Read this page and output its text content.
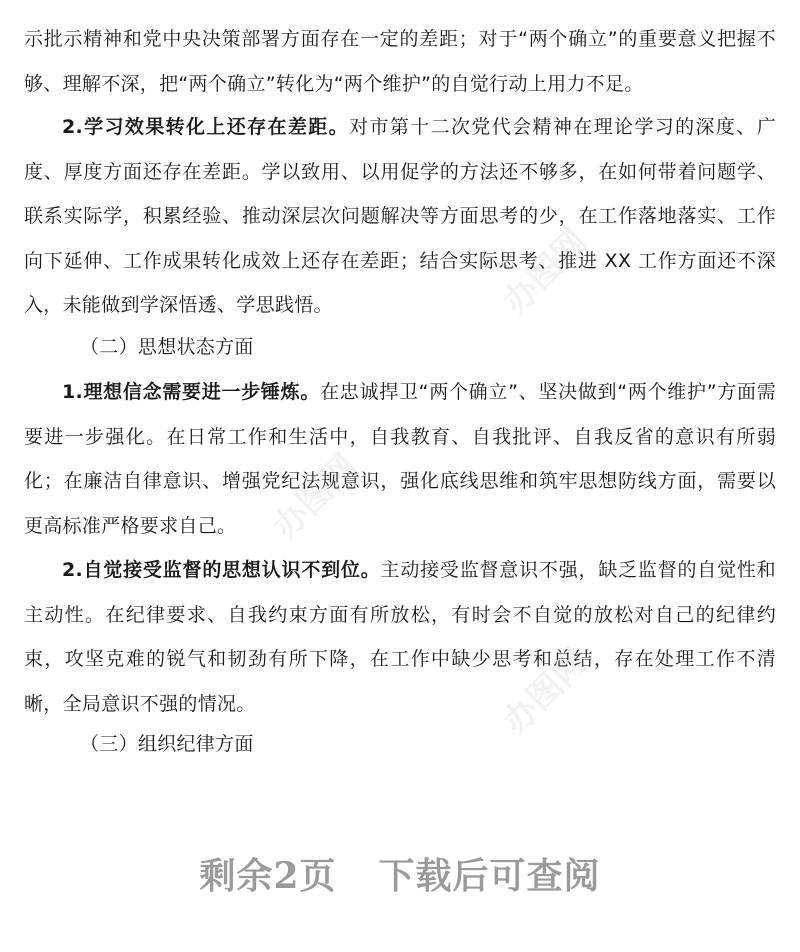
示批示精神和党中央决策部署方面存在一定的差距；对于“两个确立”的重要意义把握不够、理解不深，把“两个确立”转化为“两个维护”的自觉行动上用力不足。

2.学习效果转化上还存在差距。对市第十二次党代会精神在理论学习的深度、广度、厚度方面还存在差距。学以致用、以用促学的方法还不够多，在如何带着问题学、联系实际学，积累经验、推动深层次问题解决等方面思考的少，在工作落地落实、工作向下延伸、工作成果转化成效上还存在差距；结合实际思考、推进 XX 工作方面还不深入，未能做到学深悟透、学思践悟。

（二）思想状态方面

1.理想信念需要进一步锤炼。在忠诚捍卫“两个确立”、坚决做到“两个维护”方面需要进一步强化。在日常工作和生活中，自我教育、自我批评、自我反省的意识有所弱化；在廉洁自律意识、增强党纪法规意识，强化底线思维和筑牢思想防线方面，需要以更高标准严格要求自己。

2.自觉接受监督的思想认识不到位。主动接受监督意识不强，缺乏监督的自觉性和主动性。在纪律要求、自我约束方面有所放松，有时会不自觉的放松对自己的纪律约束，攻坚克难的锐气和韧劲有所下降，在工作中缺少思考和总结，存在处理工作不清晰，全局意识不强的情况。

（三）组织纪律方面

办图网
办图网
办图网
剩余2页 下载后可查阅
